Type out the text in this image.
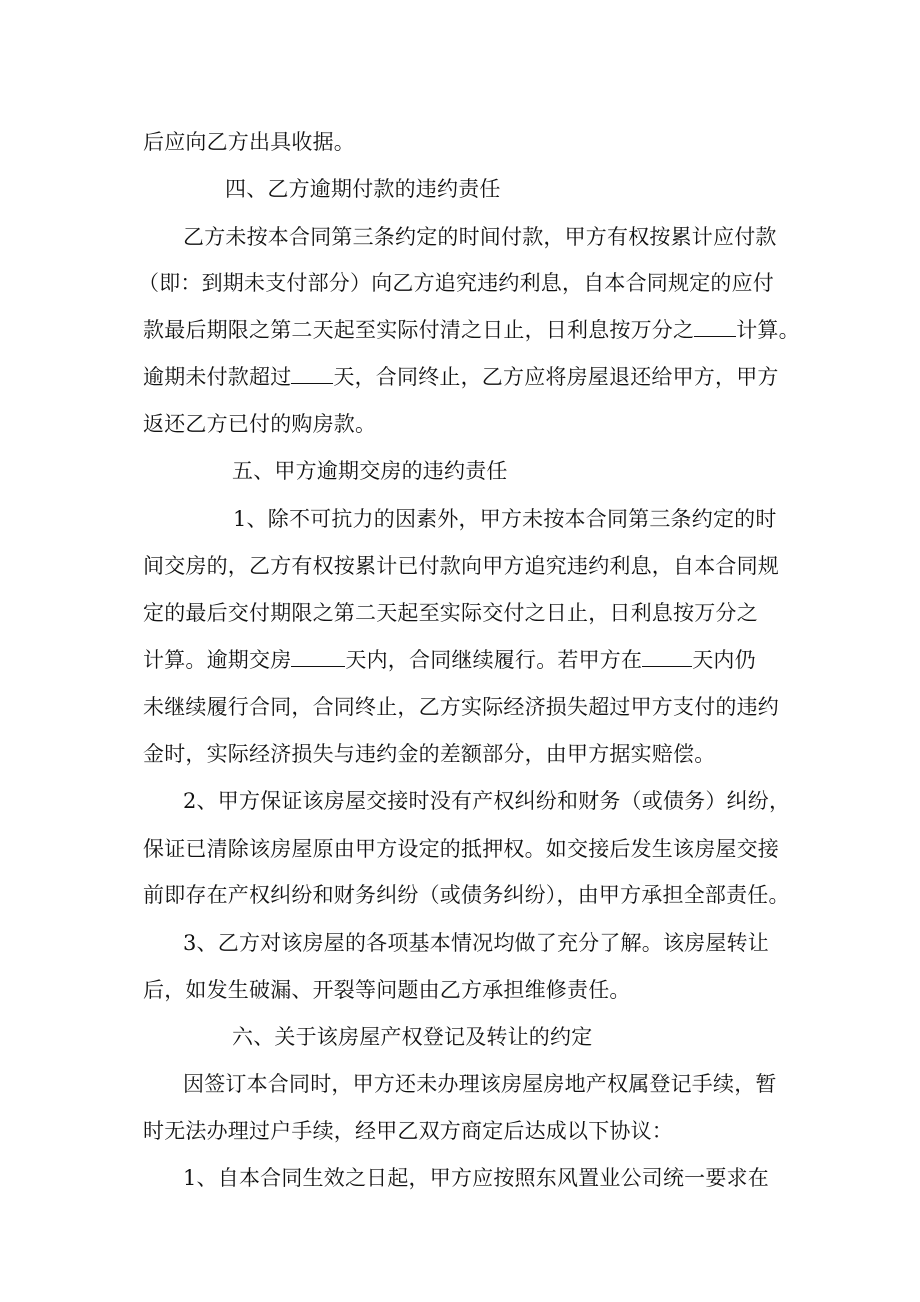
后应向乙方出具收据。
四、乙方逾期付款的违约责任
乙方未按本合同第三条约定的时间付款，甲方有权按累计应付款
（即：到期未支付部分）向乙方追究违约利息，自本合同规定的应付
款最后期限之第二天起至实际付清之日止，日利息按万分之 计算。
逾期未付款超过 天，合同终止，乙方应将房屋退还给甲方，甲方
返还乙方已付的购房款。
五、甲方逾期交房的违约责任
1、除不可抗力的因素外，甲方未按本合同第三条约定的时
间交房的，乙方有权按累计已付款向甲方追究违约利息，自本合同规
定的最后交付期限之第二天起至实际交付之日止，日利息按万分之
计算。逾期交房	天内，合同继续履行。若甲方在 天内仍
未继续履行合同，合同终止，乙方实际经济损失超过甲方支付的违约
金时，实际经济损失与违约金的差额部分，由甲方据实赔偿。
2、甲方保证该房屋交接时没有产权纠纷和财务（或债务）纠纷，
保证已清除该房屋原由甲方设定的抵押权。如交接后发生该房屋交接
前即存在产权纠纷和财务纠纷（或债务纠纷），由甲方承担全部责任。
3、乙方对该房屋的各项基本情况均做了充分了解。该房屋转让
后，如发生破漏、开裂等问题由乙方承担维修责任。
六、关于该房屋产权登记及转让的约定
因签订本合同时，甲方还未办理该房屋房地产权属登记手续，暂
时无法办理过户手续，经甲乙双方商定后达成以下协议：
1、自本合同生效之日起，甲方应按照东风置业公司统一要求在
